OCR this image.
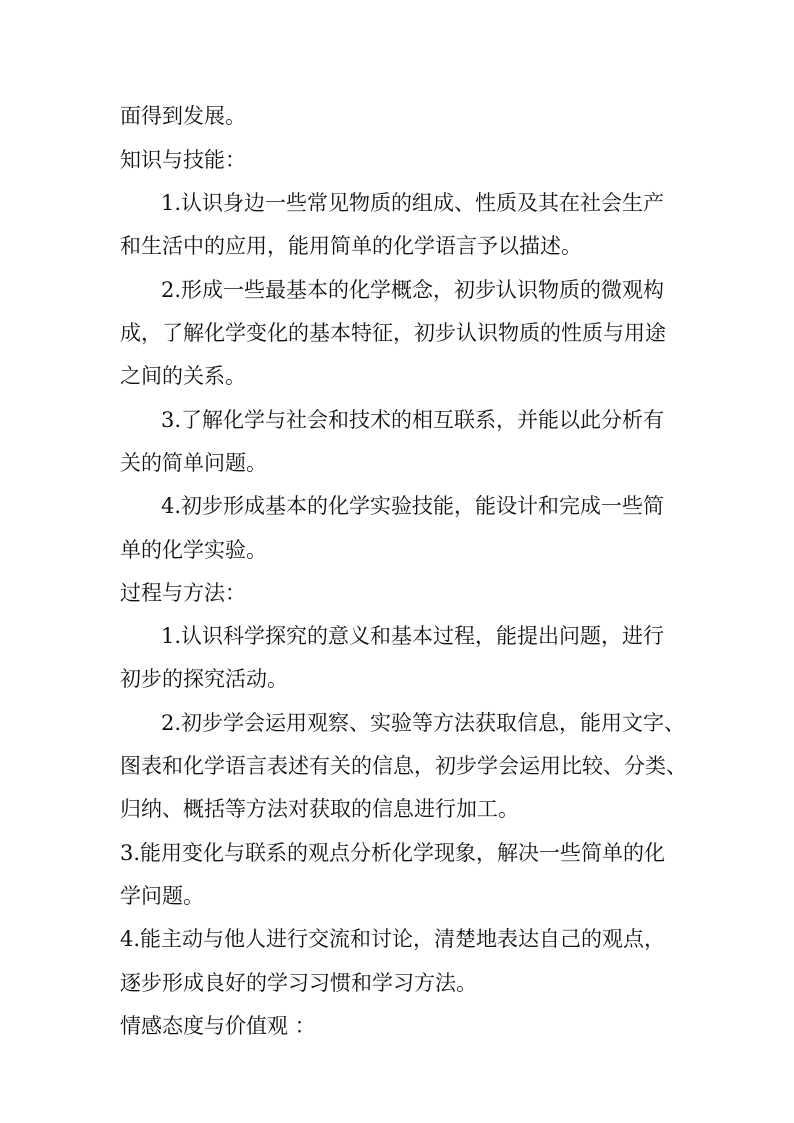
面得到发展。
知识与技能：
1.认识身边一些常见物质的组成、性质及其在社会生产
和生活中的应用，能用简单的化学语言予以描述。
2.形成一些最基本的化学概念，初步认识物质的微观构
成，了解化学变化的基本特征，初步认识物质的性质与用途
之间的关系。
3.了解化学与社会和技术的相互联系，并能以此分析有
关的简单问题。
4.初步形成基本的化学实验技能，能设计和完成一些简
单的化学实验。
过程与方法：
1.认识科学探究的意义和基本过程，能提出问题，进行
初步的探究活动。
2.初步学会运用观察、实验等方法获取信息，能用文字、
图表和化学语言表述有关的信息，初步学会运用比较、分类、
归纳、概括等方法对获取的信息进行加工。
3.能用变化与联系的观点分析化学现象，解决一些简单的化
学问题。
4.能主动与他人进行交流和讨论，清楚地表达自己的观点，
逐步形成良好的学习习惯和学习方法。
情感态度与价值观 ：
